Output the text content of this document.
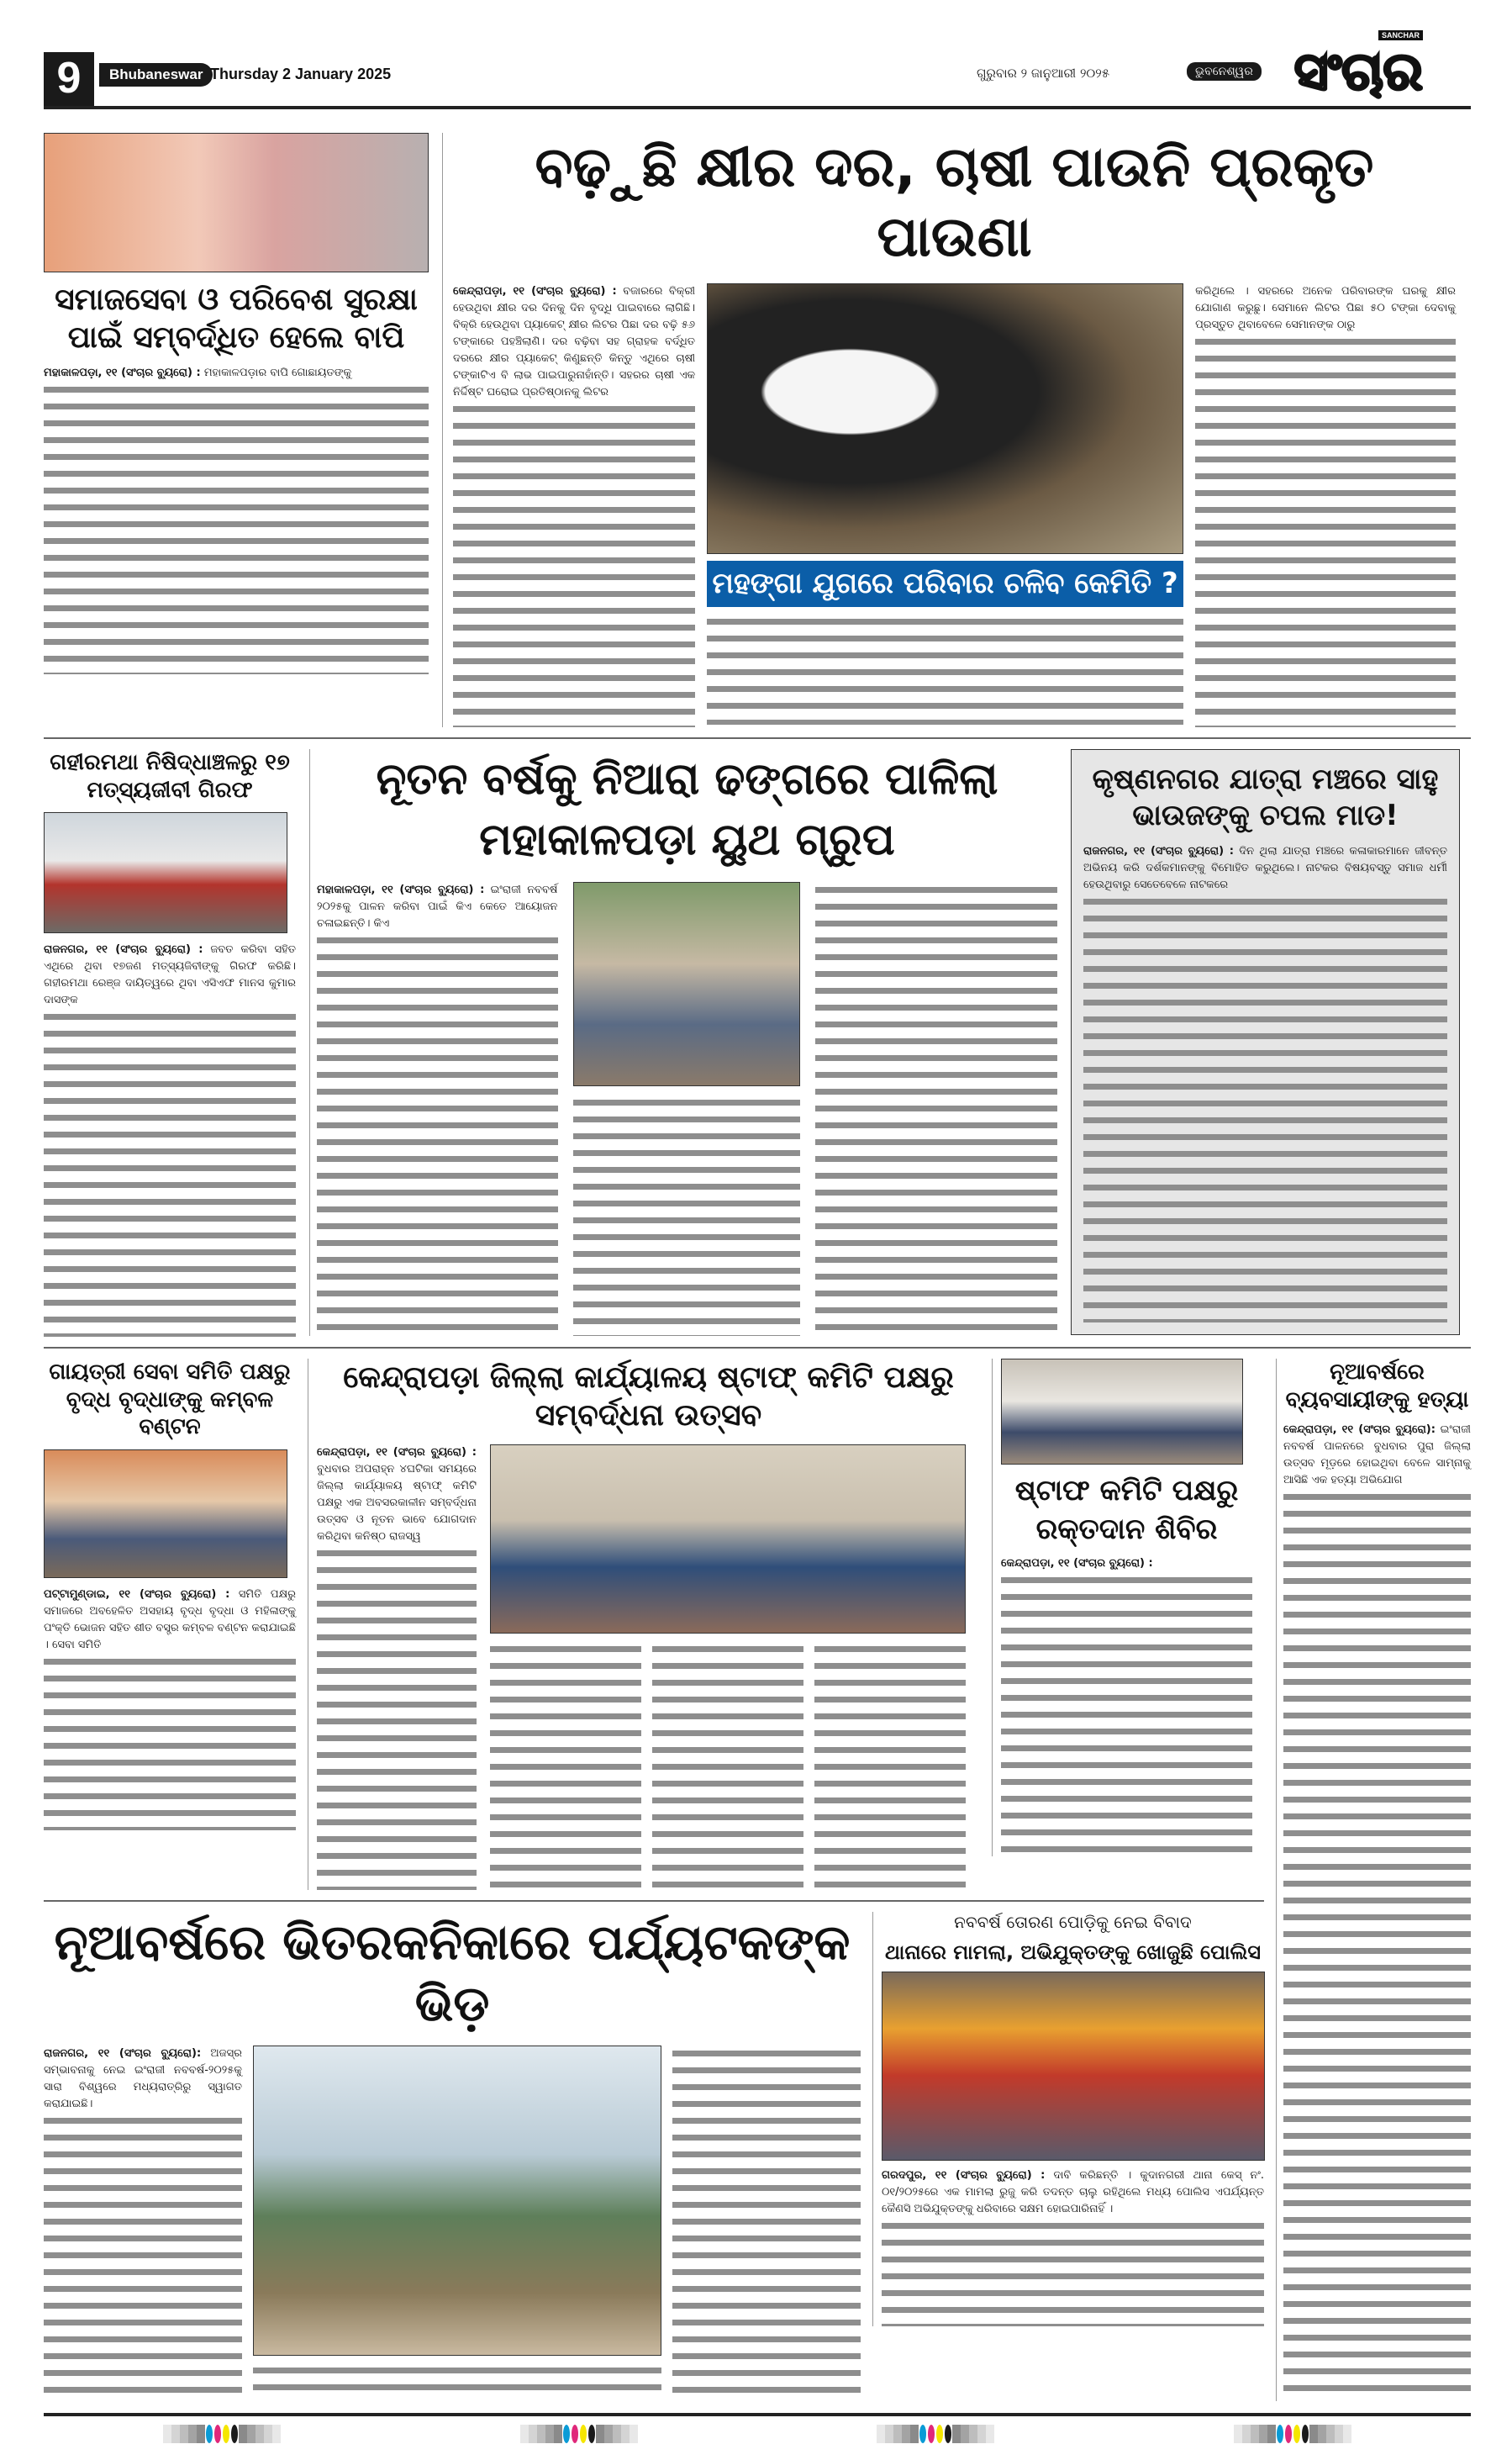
9	Bhubaneswar Thursday 2 January 2025	ଗୁରୁବାର ୨ ଜାନୁଆରୀ ୨୦୨୫	ଭୁବନେଶ୍ୱର
SANCHAR
ସଂଚାର
ସମାଜସେବା ଓ ପରିବେଶ ସୁରକ୍ଷା ପାଇଁ ସମ୍ବର୍ଦ୍ଧିତ ହେଲେ ବାପି

ମହାକାଳପଡ଼ା, ୧୧ (ସଂଚାର ବ୍ୟୁରୋ) : ମହାକାଳପଡ଼ାର ବାପି ଗୋଛାୟତଙ୍କୁ

ବଢ଼ୁଛି କ୍ଷୀର ଦର, ଚାଷୀ ପାଉନି ପ୍ରକୃତ ପାଉଣା

କେନ୍ଦ୍ରାପଡ଼ା, ୧୧ (ସଂଚାର ବ୍ୟୁରୋ) : ବଜାରରେ ବିକ୍ରୀ ହେଉଥିବା କ୍ଷୀର ଦର ଦିନକୁ ଦିନ ବୃଦ୍ଧି ପାଇବାରେ ଲାଗିଛି। ବିକ୍ରି ହେଉଥିବା ପ୍ୟାକେଟ୍ କ୍ଷୀର ଲିଟର ପିଛା ଦର ବଢ଼ି ୫୬ ଟଙ୍କାରେ ପହଞ୍ଚିଲାଣି। ଦର ବଢ଼ିବା ସହ ଗ୍ରାହକ ବର୍ଦ୍ଧିତ ଦରରେ କ୍ଷୀର ପ୍ୟାକେଟ୍ କିଣୁଛନ୍ତି କିନ୍ତୁ ଏଥିରେ ଚାଷୀ ଟଙ୍କାଟିଏ ବି ଲାଭ ପାଇପାରୁନାହାଁନ୍ତି। ସହରର ଚାଷୀ ଏକ ନିର୍ଦ୍ଦିଷ୍ଟ ଘରୋଇ ପ୍ରତିଷ୍ଠାନକୁ ଲିଟର

ମହଙ୍ଗା ଯୁଗରେ ପରିବାର ଚଳିବ କେମିତି ?

କରିଥିଲେ । ସହରରେ ଅନେକ ପରିବାରଙ୍କ ଘରକୁ କ୍ଷୀର ଯୋଗାଣ କରୁଛୁ। ସେମାନେ ଲିଟର ପିଛା ୫୦ ଟଙ୍କା ଦେବାକୁ ପ୍ରସ୍ତୁତ ଥିବାବେଳେ ସେମାନଙ୍କ ଠାରୁ

ଗହୀରମଥା ନିଷିଦ୍ଧାଞ୍ଚଳରୁ ୧୭ ମତ୍ସ୍ୟଜୀବୀ ଗିରଫ

ରାଜନଗର, ୧୧ (ସଂଚାର ବ୍ୟୁରୋ) : ଜବତ କରିବା ସହିତ ଏଥିରେ ଥିବା ୧୭ଜଣ ମତ୍ସ୍ୟଜିବୀଙ୍କୁ ଗିରଫ କରିଛି। ଗହୀରମଥା ରେଞ୍ଜ ଦାୟିତ୍ୱରେ ଥିବା ଏସିଏଫ ମାନସ କୁମାର ଦାସଙ୍କ

ନୂତନ ବର୍ଷକୁ ନିଆରା ଢଙ୍ଗରେ ପାଳିଲା ମହାକାଳପଡ଼ା ୟୁଥ ଗ୍ରୁପ

ମହାକାଳପଡ଼ା, ୧୧ (ସଂଚାର ବ୍ୟୁରୋ) : ଇଂରାଜୀ ନବବର୍ଷ ୨୦୨୫କୁ ପାଳନ କରିବା ପାଇଁ କିଏ କେତେ ଆୟୋଜନ ଚଳାଇଛନ୍ତି। କିଏ

କୃଷ୍ଣନଗର ଯାତ୍ରା ମଞ୍ଚରେ ସାହୁ ଭାଉଜଙ୍କୁ ଚପଲ ମାଡ!

ରାଜନଗର, ୧୧ (ସଂଚାର ବ୍ୟୁରୋ) : ଦିନ ଥିଲା ଯାତ୍ରା ମଞ୍ଚରେ କଳାକାରମାନେ ଜୀବନ୍ତ ଅଭିନୟ କରି ଦର୍ଶକମାନଙ୍କୁ ବିମୋହିତ କରୁଥିଲେ। ନାଟକର ବିଷୟବସ୍ତୁ ସମାଜ ଧର୍ମୀ ହେଉଥିବାରୁ ସେତେବେଳେ ନାଟକରେ

ଗାୟତ୍ରୀ ସେବା ସମିତି ପକ୍ଷରୁ ବୃଦ୍ଧ ବୃଦ୍ଧାଙ୍କୁ କମ୍ବଳ ବଣ୍ଟନ

ପଟ୍ଟାମୁଣ୍ଡାଇ, ୧୧ (ସଂଚାର ବ୍ୟୁରୋ) : ସମିତି ପକ୍ଷରୁ ସମାଜରେ ଅବହେଳିତ ଅସହାୟ ବୃଦ୍ଧ ବୃଦ୍ଧା ଓ ମହିଳାଙ୍କୁ ପଂକ୍ତି ଭୋଜନ ସହିତ ଶୀତ ବସ୍ତ୍ର କମ୍ବଳ ବଣ୍ଟନ କରାଯାଇଛି । ସେବା ସମିତି

କେନ୍ଦ୍ରାପଡ଼ା ଜିଲ୍ଲା କାର୍ଯ୍ୟାଳୟ ଷ୍ଟାଫ୍ କମିଟି ପକ୍ଷରୁ ସମ୍ବର୍ଦ୍ଧନା ଉତ୍ସବ

କେନ୍ଦ୍ରାପଡ଼ା, ୧୧ (ସଂଚାର ବ୍ୟୁରୋ) : ବୁଧବାର ଅପରାହ୍ନ ୪ଘଟିକା ସମୟରେ ଜିଲ୍ଲା କାର୍ଯ୍ୟାଳୟ ଷ୍ଟାଫ୍ କମିଟି ପକ୍ଷରୁ ଏକ ଅବସରକାଳୀନ ସମ୍ବର୍ଦ୍ଧନା ଉତ୍ସବ ଓ ନୂତନ ଭାବେ ଯୋଗଦାନ କରିଥିବା କନିଷ୍ଠ ରାଜସ୍ୱ

ଷ୍ଟାଫ କମିଟି ପକ୍ଷରୁ ରକ୍ତଦାନ ଶିବିର

କେନ୍ଦ୍ରାପଡ଼ା, ୧୧ (ସଂଚାର ବ୍ୟୁରୋ) :

ନୂଆବର୍ଷରେ ଭିତରକନିକାରେ ପର୍ଯ୍ୟଟକଙ୍କ ଭିଡ଼

ରାଜନଗର, ୧୧ (ସଂଚାର ବ୍ୟୁରୋ): ଅଜସ୍ର ସମ୍ଭାବନାକୁ ନେଇ ଇଂରାଜୀ ନବବର୍ଷ-୨୦୨୫କୁ ସାରା ବିଶ୍ୱରେ ମଧ୍ୟରାତ୍ରିରୁ ସ୍ୱାଗତ କରାଯାଇଛି।

ନବବର୍ଷ ତୋରଣ ପୋଡ଼ିକୁ ନେଇ ବିବାଦ
ଥାନାରେ ମାମଲା, ଅଭିଯୁକ୍ତଙ୍କୁ ଖୋଜୁଛି ପୋଲିସ

ଗରଦପୁର, ୧୧ (ସଂଚାର ବ୍ୟୁରୋ) : ଦାବି କରିଛନ୍ତି । କୁଦାନଗରୀ ଥାନା କେସ୍ ନଂ. ୦୧/୨୦୨୫ରେ ଏକ ମାମଲା ରୁଜୁ କରି ତଦନ୍ତ ଚାଲୁ ରହିଥିଲେ ମଧ୍ୟ ପୋଲିସ ଏପର୍ଯ୍ୟନ୍ତ କୈଣସି ଅଭିଯୁକ୍ତଙ୍କୁ ଧରିବାରେ ସକ୍ଷମ ହୋଇପାରିନାହିଁ ।

ନୂଆବର୍ଷରେ ବ୍ୟବସାୟୀଙ୍କୁ ହତ୍ୟା

କେନ୍ଦ୍ରାପଡ଼ା, ୧୧ (ସଂଚାର ବ୍ୟୁରୋ): ଇଂରାଜୀ ନବବର୍ଷ ପାଳନରେ ବୁଧବାର ପୁରା ଜିଲ୍ଲା ଉତ୍ସବ ମୂଡ଼ରେ ହୋଇଥିବା ବେଳେ ସାମ୍ନାକୁ ଆସିଛି ଏକ ହତ୍ୟା ଅଭିଯୋଗ
